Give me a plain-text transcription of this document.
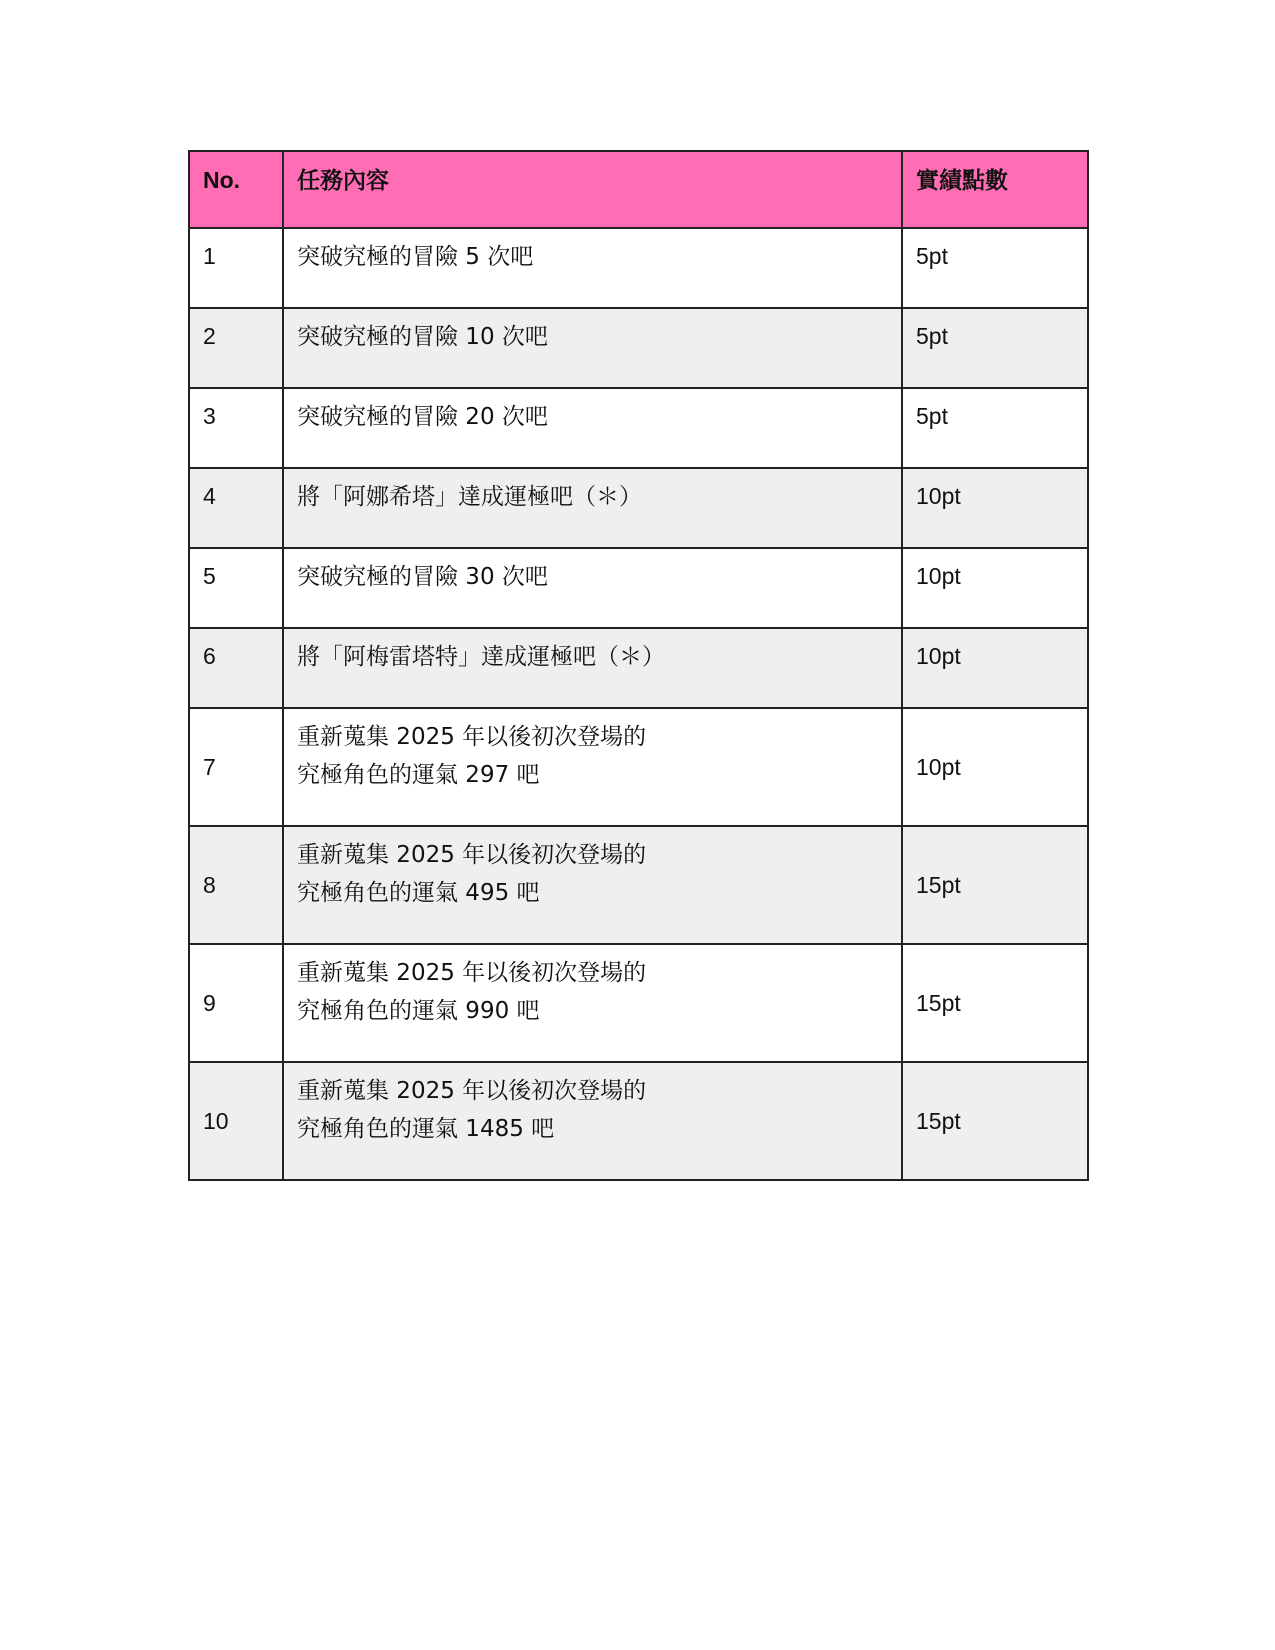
No.	任務內容	實績點數
1	突破究極的冒險 5 次吧	5pt
2	突破究極的冒險 10 次吧	5pt
3	突破究極的冒險 20 次吧	5pt
4	將「阿娜希塔」達成運極吧（＊）	10pt
5	突破究極的冒險 30 次吧	10pt
6	將「阿梅雷塔特」達成運極吧（＊）	10pt
7	重新蒐集 2025 年以後初次登場的
究極角色的運氣 297 吧	10pt
8	重新蒐集 2025 年以後初次登場的
究極角色的運氣 495 吧	15pt
9	重新蒐集 2025 年以後初次登場的
究極角色的運氣 990 吧	15pt
10	重新蒐集 2025 年以後初次登場的
究極角色的運氣 1485 吧	15pt
